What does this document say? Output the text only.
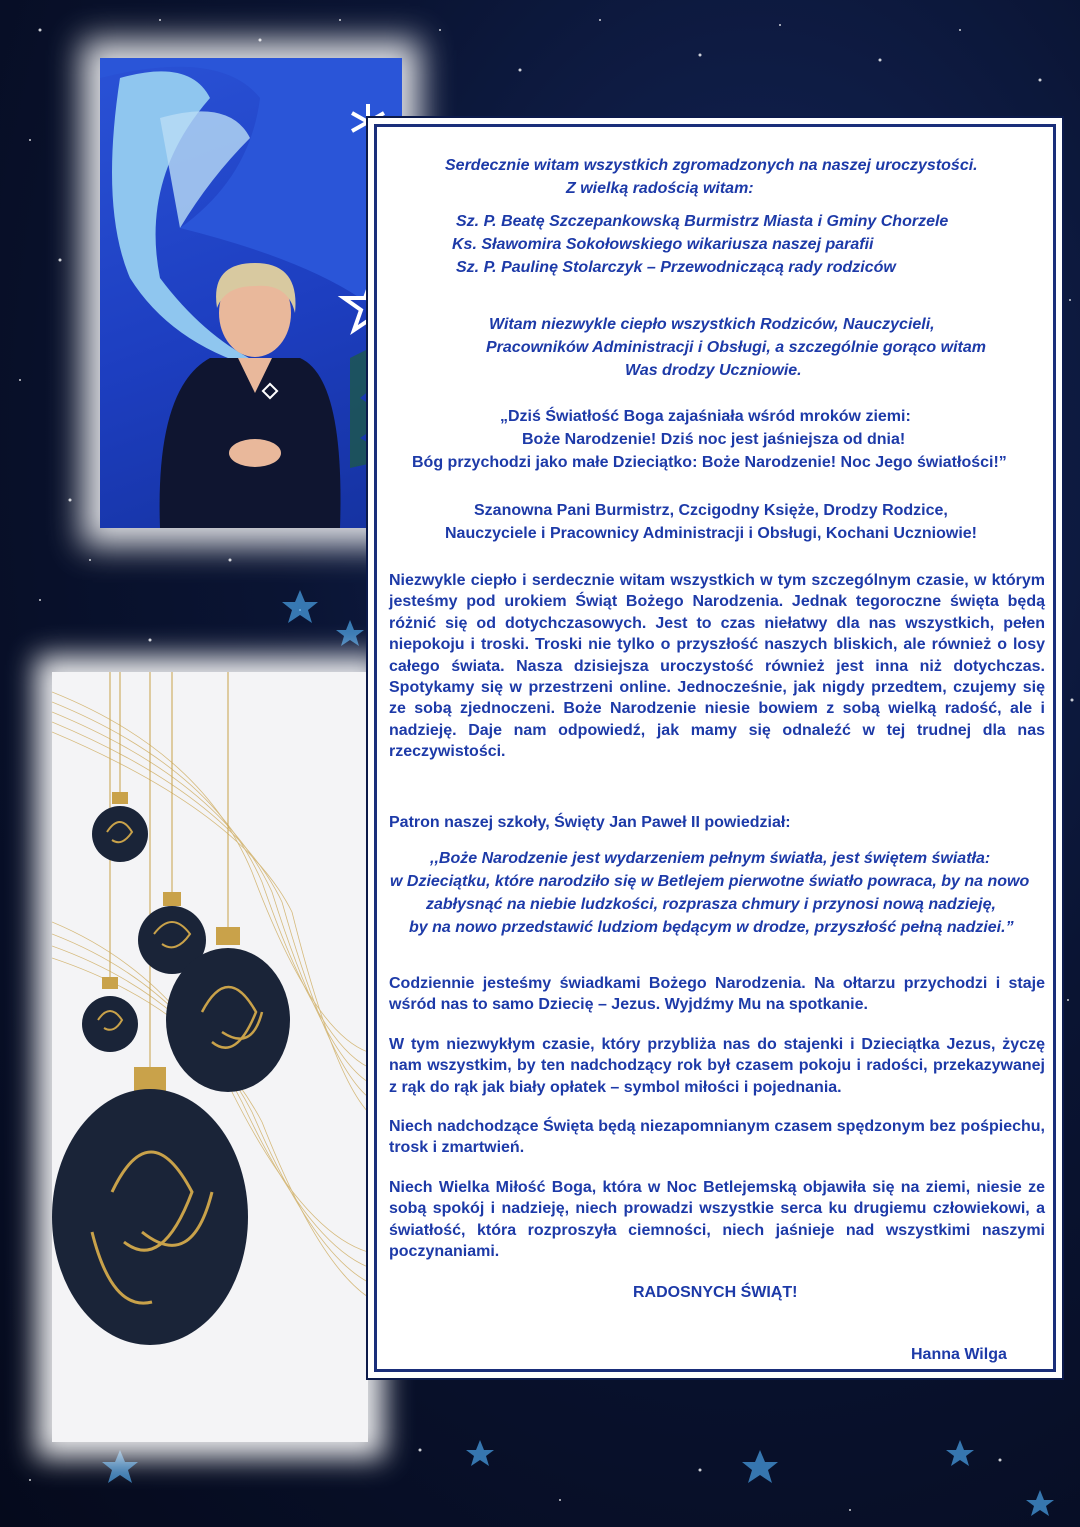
Serdecznie witam wszystkich zgromadzonych na naszej uroczystości.

Z wielką radością witam:

Sz. P. Beatę Szczepankowską Burmistrz Miasta i Gminy Chorzele

Ks. Sławomira Sokołowskiego wikariusza naszej parafii

Sz. P. Paulinę Stolarczyk – Przewodniczącą rady rodziców

Witam niezwykle ciepło wszystkich Rodziców, Nauczycieli,

Pracowników Administracji i Obsługi, a szczególnie gorąco witam

Was drodzy Uczniowie.

„Dziś Światłość Boga zajaśniała wśród mroków ziemi:

Boże Narodzenie! Dziś noc jest jaśniejsza od dnia!

Bóg przychodzi jako małe Dzieciątko: Boże Narodzenie! Noc Jego światłości!”

Szanowna Pani Burmistrz, Czcigodny Księże, Drodzy Rodzice,

Nauczyciele i Pracownicy Administracji i Obsługi, Kochani Uczniowie!

Niezwykle ciepło i serdecznie witam wszystkich w tym szczególnym czasie, w którym jesteśmy pod urokiem Świąt Bożego Narodzenia. Jednak tegoroczne święta będą różnić się od dotychczasowych. Jest to czas niełatwy dla nas wszystkich, pełen niepokoju i troski. Troski nie tylko o przyszłość naszych bliskich, ale również o losy całego świata. Nasza dzisiejsza uroczystość również jest inna niż dotychczas. Spotykamy się w przestrzeni online. Jednocześnie, jak nigdy przedtem, czujemy się ze sobą zjednoczeni. Boże Narodzenie niesie bowiem z sobą wielką radość, ale i nadzieję. Daje nam odpowiedź, jak mamy się odnaleźć w tej trudnej dla nas rzeczywistości.

Patron naszej szkoły, Święty Jan Paweł II powiedział:

,,Boże Narodzenie jest wydarzeniem pełnym światła, jest świętem światła:

w Dzieciątku, które narodziło się w Betlejem pierwotne światło powraca, by na nowo

zabłysnąć na niebie ludzkości, rozprasza chmury i przynosi nową nadzieję,

by na nowo przedstawić ludziom będącym w drodze, przyszłość pełną nadziei.”

Codziennie jesteśmy świadkami Bożego Narodzenia. Na ołtarzu przychodzi i staje wśród nas to samo Dziecię – Jezus. Wyjdźmy Mu na spotkanie.

W tym niezwykłym czasie, który przybliża nas do stajenki i Dzieciątka Jezus, życzę nam wszystkim, by ten nadchodzący rok był czasem pokoju i radości, przekazywanej z rąk do rąk jak biały opłatek – symbol miłości i pojednania.

Niech nadchodzące Święta będą niezapomnianym czasem spędzonym bez pośpiechu, trosk i zmartwień.

Niech Wielka Miłość Boga, która w Noc Betlejemską objawiła się na ziemi, niesie ze sobą spokój i nadzieję, niech prowadzi wszystkie serca ku drugiemu człowiekowi, a światłość, która rozproszyła ciemności, niech jaśnieje nad wszystkimi naszymi poczynaniami.

RADOSNYCH ŚWIĄT!

Hanna Wilga
